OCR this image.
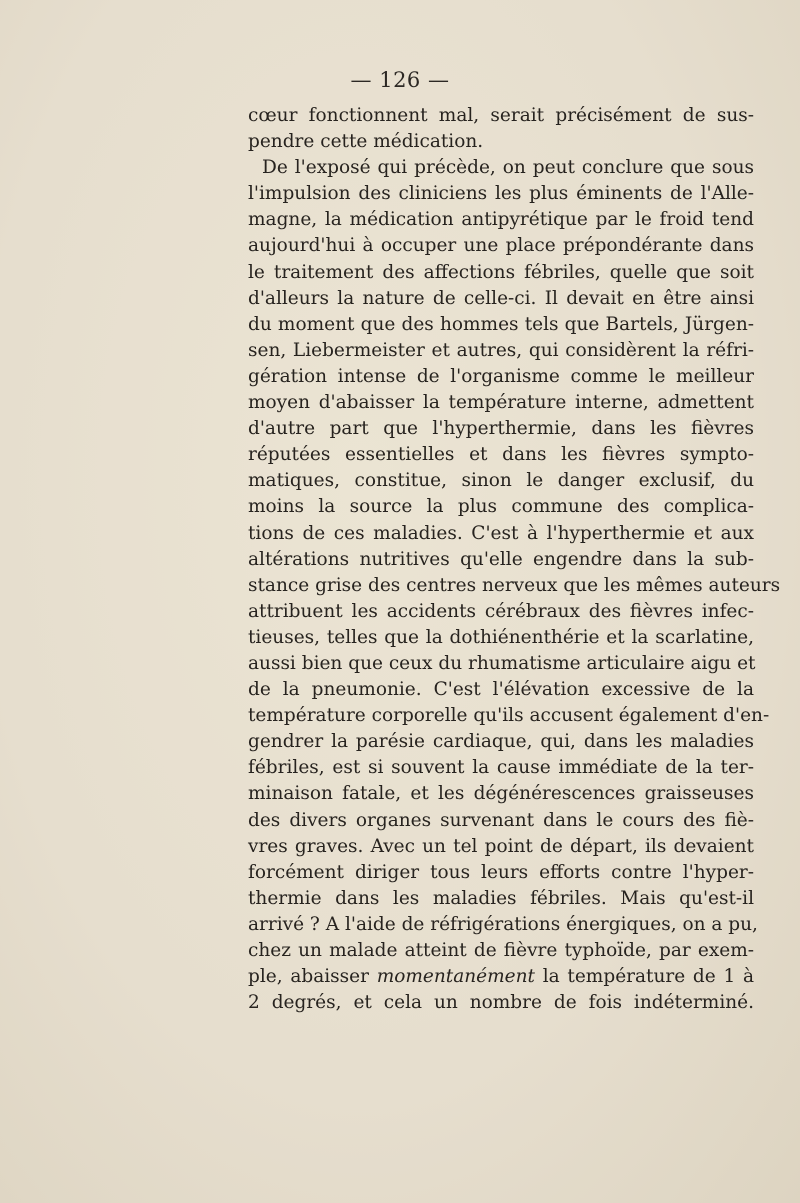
— 126 —
cœur fonctionnent mal, serait précisément de sus-
pendre cette médication.
De l'exposé qui précède, on peut conclure que sous
l'impulsion des cliniciens les plus éminents de l'Alle-
magne, la médication antipyrétique par le froid tend
aujourd'hui à occuper une place prépondérante dans
le traitement des affections fébriles, quelle que soit
d'alleurs la nature de celle-ci. Il devait en être ainsi
du moment que des hommes tels que Bartels, Jürgen-
sen, Liebermeister et autres, qui considèrent la réfri-
gération intense de l'organisme comme le meilleur
moyen d'abaisser la température interne, admettent
d'autre part que l'hyperthermie, dans les fièvres
réputées essentielles et dans les fièvres sympto-
matiques, constitue, sinon le danger exclusif, du
moins la source la plus commune des complica-
tions de ces maladies. C'est à l'hyperthermie et aux
altérations nutritives qu'elle engendre dans la sub-
stance grise des centres nerveux que les mêmes auteurs
attribuent les accidents cérébraux des fièvres infec-
tieuses, telles que la dothiénenthérie et la scarlatine,
aussi bien que ceux du rhumatisme articulaire aigu et
de la pneumonie. C'est l'élévation excessive de la
température corporelle qu'ils accusent également d'en-
gendrer la parésie cardiaque, qui, dans les maladies
fébriles, est si souvent la cause immédiate de la ter-
minaison fatale, et les dégénérescences graisseuses
des divers organes survenant dans le cours des fiè-
vres graves. Avec un tel point de départ, ils devaient
forcément diriger tous leurs efforts contre l'hyper-
thermie dans les maladies fébriles. Mais qu'est-il
arrivé ? A l'aide de réfrigérations énergiques, on a pu,
chez un malade atteint de fièvre typhoïde, par exem-
ple, abaisser momentanément la température de 1 à
2 degrés, et cela un nombre de fois indéterminé.
